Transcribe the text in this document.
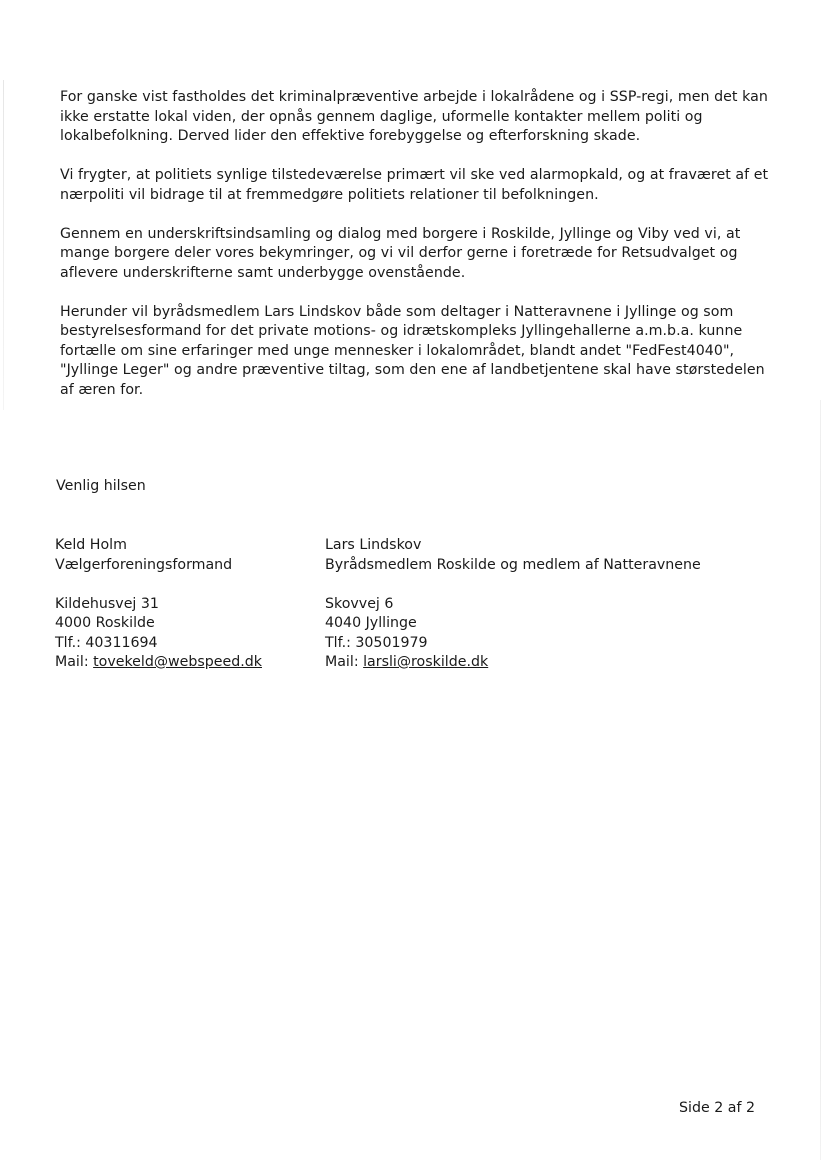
For ganske vist fastholdes det kriminalpræventive arbejde i lokalrådene og i SSP-regi, men det kan ikke erstatte lokal viden, der opnås gennem daglige, uformelle kontakter mellem politi og lokalbefolkning. Derved lider den effektive forebyggelse og efterforskning skade.

Vi frygter, at politiets synlige tilstedeværelse primært vil ske ved alarmopkald, og at fraværet af et nærpoliti vil bidrage til at fremmedgøre politiets relationer til befolkningen.

Gennem en underskriftsindsamling og dialog med borgere i Roskilde, Jyllinge og Viby ved vi, at mange borgere deler vores bekymringer, og vi vil derfor gerne i foretræde for Retsudvalget og aflevere underskrifterne samt underbygge ovenstående.

Herunder vil byrådsmedlem Lars Lindskov både som deltager i Natteravnene i Jyllinge og som bestyrelsesformand for det private motions- og idrætskompleks Jyllingehallerne a.m.b.a. kunne fortælle om sine erfaringer med unge mennesker i lokalområdet, blandt andet "FedFest4040", "Jyllinge Leger" og andre præventive tiltag, som den ene af landbetjentene skal have størstedelen af æren for.

Venlig hilsen
Keld Holm
Vælgerforeningsformand
Kildehusvej 31
4000 Roskilde
Tlf.: 40311694
Mail: tovekeld@webspeed.dk
Lars Lindskov
Byrådsmedlem Roskilde og medlem af Natteravnene
Skovvej 6
4040 Jyllinge
Tlf.: 30501979
Mail: larsli@roskilde.dk
Side 2 af 2
